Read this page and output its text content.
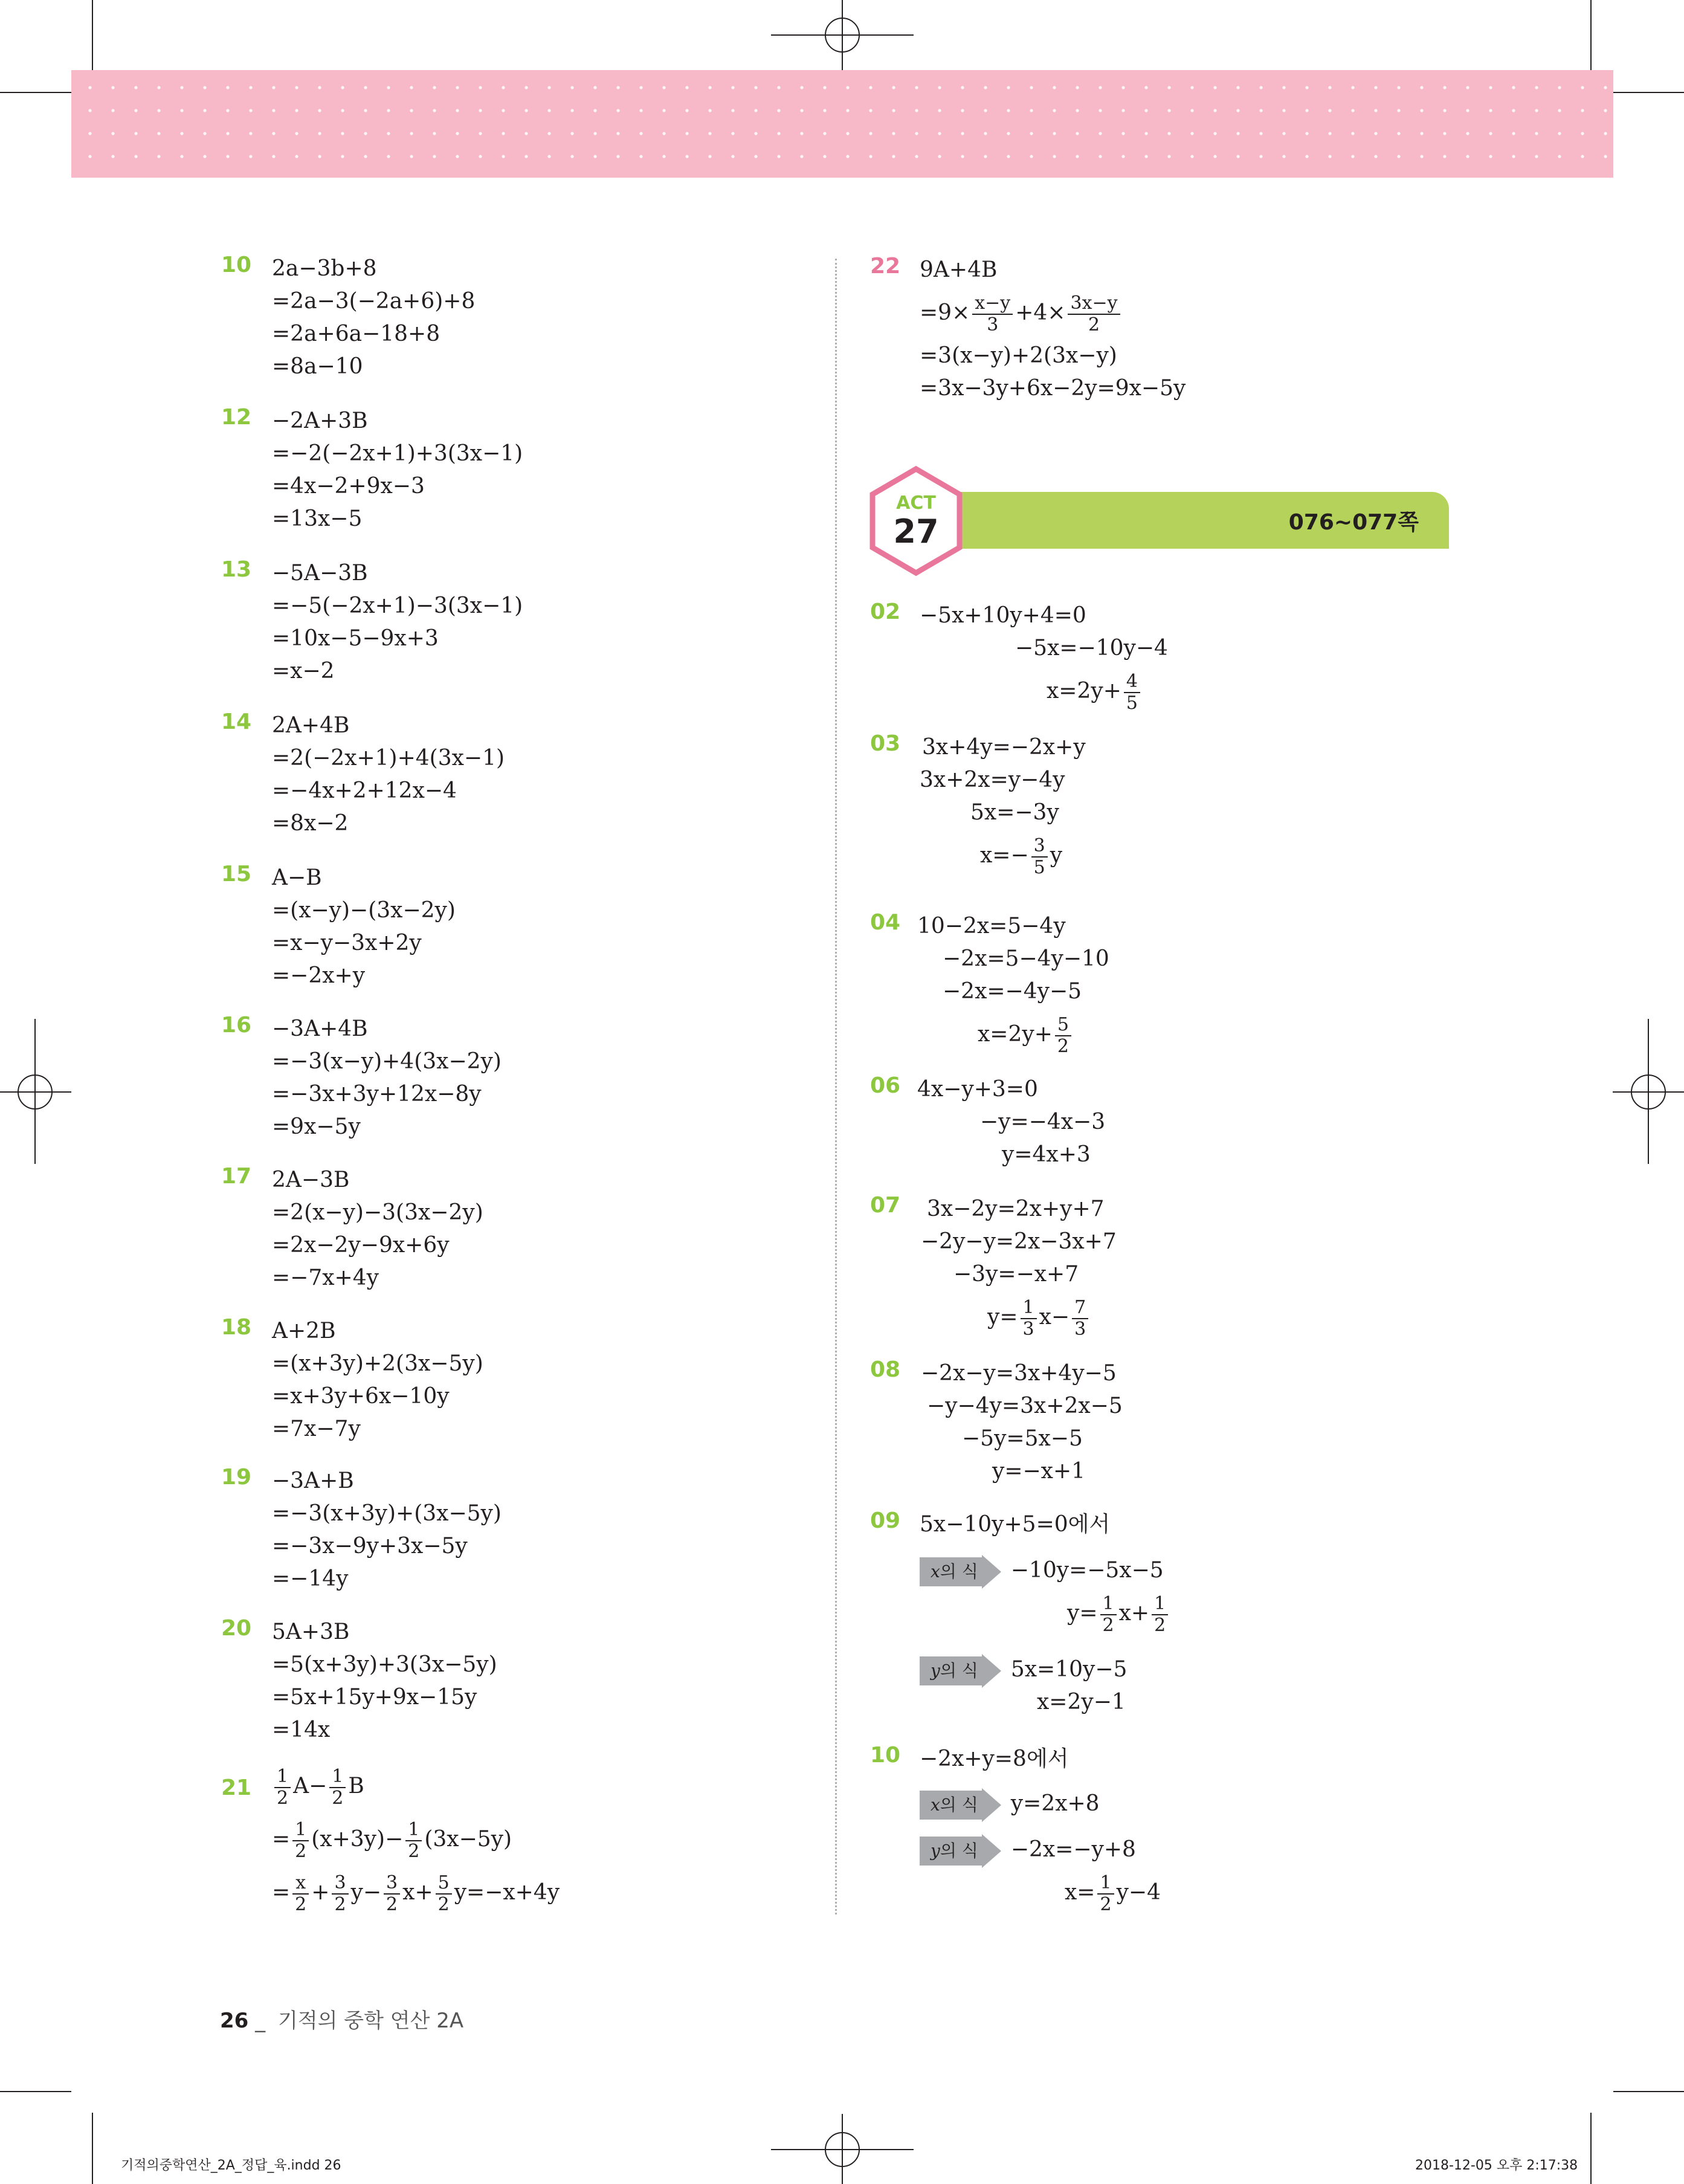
10 2a−3b+8
=2a−3(−2a+6)+8
=2a+6a−18+8
=8a−10
12 −2A+3B
=−2(−2x+1)+3(3x−1)
=4x−2+9x−3
=13x−5
13 −5A−3B
=−5(−2x+1)−3(3x−1)
=10x−5−9x+3
=x−2
14 2A+4B
=2(−2x+1)+4(3x−1)
=−4x+2+12x−4
=8x−2
15 A−B
=(x−y)−(3x−2y)
=x−y−3x+2y
=−2x+y
16 −3A+4B
=−3(x−y)+4(3x−2y)
=−3x+3y+12x−8y
=9x−5y
17 2A−3B
=2(x−y)−3(3x−2y)
=2x−2y−9x+6y
=−7x+4y
18 A+2B
=(x+3y)+2(3x−5y)
=x+3y+6x−10y
=7x−7y
19 −3A+B
=−3(x+3y)+(3x−5y)
=−3x−9y+3x−5y
=−14y
20 5A+3B
=5(x+3y)+3(3x−5y)
=5x+15y+9x−15y
=14x
$21 \frac{1}{2} A- \frac{1}{2}$ B
= $\frac{1}{2} (x+3y)- \frac{1}{2} (3x-5y)$
= $\frac{x}{2} + \frac{3}{2} y- \frac{3}{2} x+ \frac{5}{2} y=-x+4y$
22 9A+4B
$=9\times \frac{x-y}{3} +4\times \frac{3x-y}{2}$
=3(x−y)+2(3x−y)
=3x−3y+6x−2y=9x−5y
076~077쪽
ACT
27
02 −5x+10y+4=0
−5x=−10y−4
$x=2y+ \frac{4}{5}$
03 3x+4y=−2x+y
3x+2x=y−4y
5x=−3y
$x=- \frac{3}{5}$ y
04 10−2x=5−4y
−2x=5−4y−10
−2x=−4y−5
$x=2y+ \frac{5}{2}$
06 4x−y+3=0
−y=−4x−3
y=4x+3
07 3x−2y=2x+y+7
−2y−y=2x−3x+7
−3y=−x+7
$y= \frac{1}{3} x- \frac{7}{3}$
08 −2x−y=3x+4y−5
−y−4y=3x+2x−5
−5y=5x−5
y=−x+1
09 5x−10y+5=0에서
x의 식 −10y=−5x−5
$y= \frac{1}{2} x+ \frac{1}{2}$
y의 식 5x=10y−5
x=2y−1
10 −2x+y=8에서
x의 식 y=2x+8
y의 식 −2x=−y+8
$x= \frac{1}{2} y-4$
26 _ 기적의 중학 연산 2A
기적의중학연산_2A_정답_육.indd 26	2018-12-05 오후 2:17:38
